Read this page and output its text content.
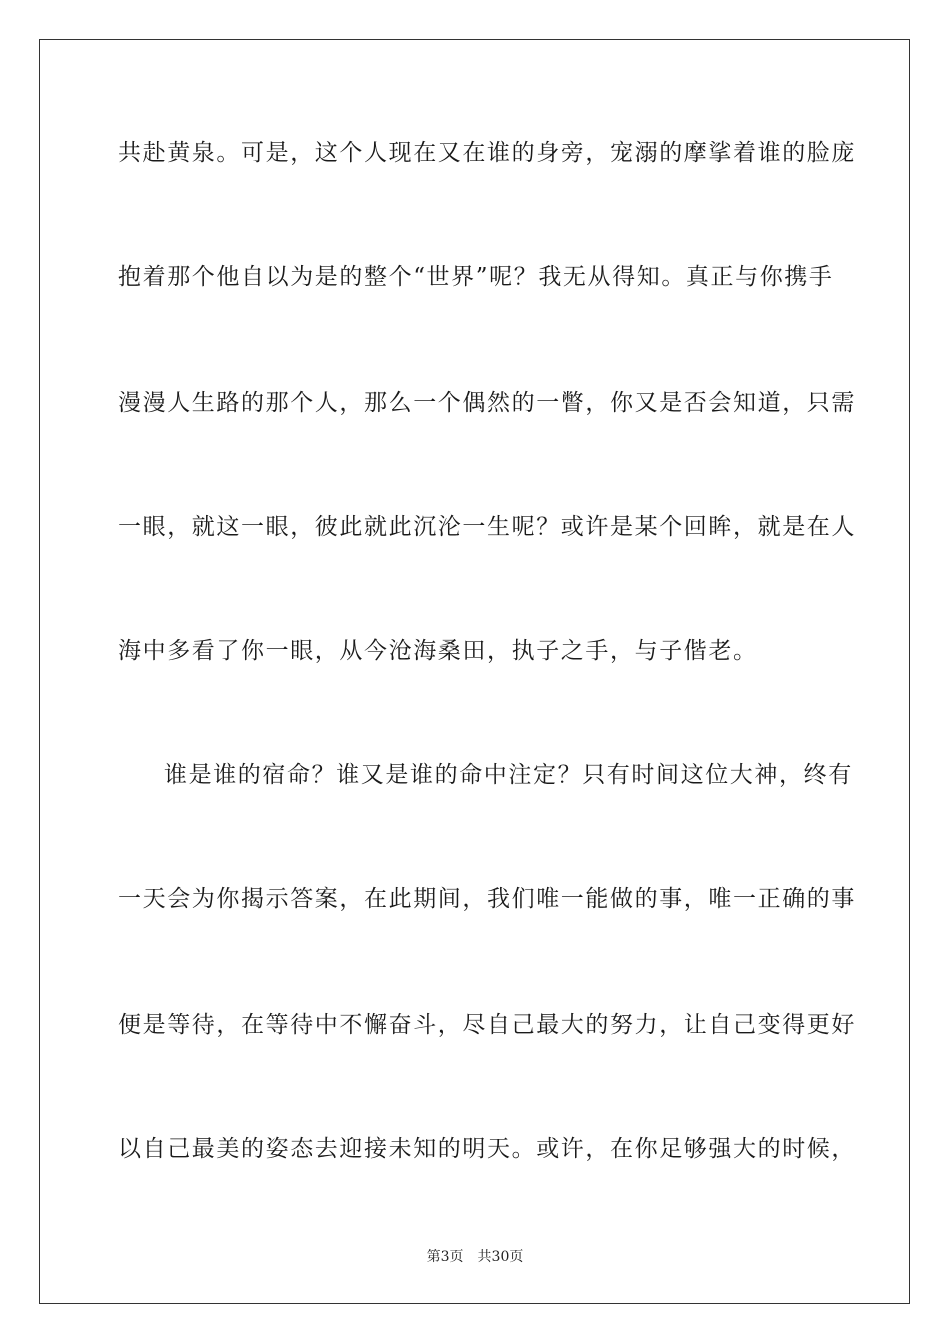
共赴黄泉。可是，这个人现在又在谁的身旁，宠溺的摩挲着谁的脸庞
抱着那个他自以为是的整个“世界”呢？我无从得知。真正与你携手
漫漫人生路的那个人，那么一个偶然的一瞥，你又是否会知道，只需
一眼，就这一眼，彼此就此沉沦一生呢？或许是某个回眸，就是在人
海中多看了你一眼，从今沧海桑田，执子之手，与子偕老。
谁是谁的宿命？谁又是谁的命中注定？只有时间这位大神，终有
一天会为你揭示答案，在此期间，我们唯一能做的事，唯一正确的事
便是等待，在等待中不懈奋斗，尽自己最大的努力，让自己变得更好
以自己最美的姿态去迎接未知的明天。或许，在你足够强大的时候，
第3页 共30页
